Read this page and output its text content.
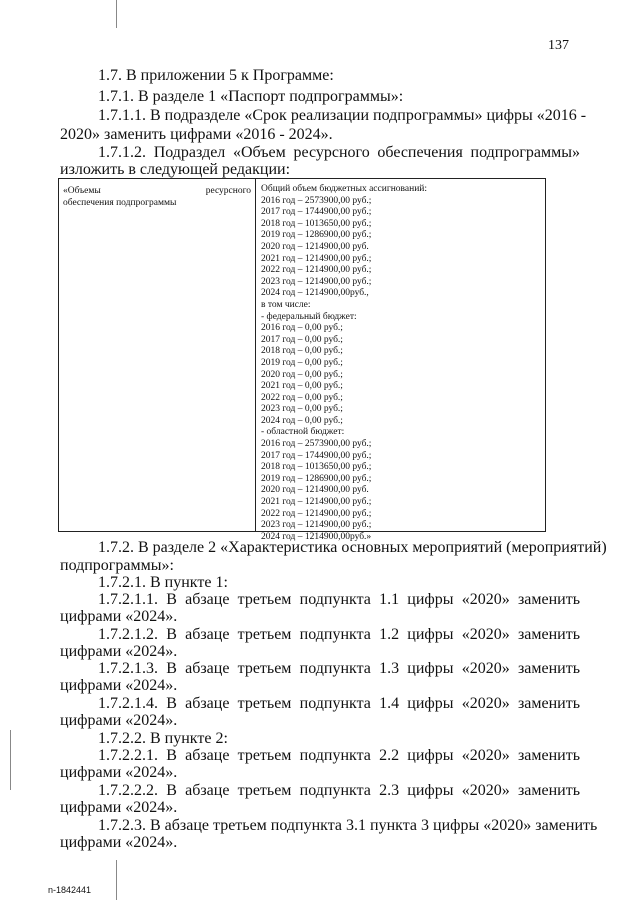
137
1.7. В приложении 5 к Программе:
1.7.1. В разделе 1 «Паспорт подпрограммы»:
1.7.1.1. В подразделе «Срок реализации подпрограммы» цифры «2016 -
2020» заменить цифрами «2016 - 2024».
1.7.1.2. Подраздел «Объем ресурсного обеспечения подпрограммы»
изложить в следующей редакции:
«Объемы	ресурсного
обеспечения подпрограммы
Общий объем бюджетных ассигнований:
2016 год – 2573900,00 руб.;
2017 год – 1744900,00 руб.;
2018 год – 1013650,00 руб.;
2019 год – 1286900,00 руб.;
2020 год – 1214900,00 руб.
2021 год – 1214900,00 руб.;
2022 год – 1214900,00 руб.;
2023 год – 1214900,00 руб.;
2024 год – 1214900,00руб.,
в том числе:
- федеральный бюджет:
2016 год – 0,00 руб.;
2017 год – 0,00 руб.;
2018 год – 0,00 руб.;
2019 год – 0,00 руб.;
2020 год – 0,00 руб.;
2021 год – 0,00 руб.;
2022 год – 0,00 руб.;
2023 год – 0,00 руб.;
2024 год – 0,00 руб.;
- областной бюджет:
2016 год – 2573900,00 руб.;
2017 год – 1744900,00 руб.;
2018 год – 1013650,00 руб.;
2019 год – 1286900,00 руб.;
2020 год – 1214900,00 руб.
2021 год – 1214900,00 руб.;
2022 год – 1214900,00 руб.;
2023 год – 1214900,00 руб.;
2024 год – 1214900,00руб.»
1.7.2. В разделе 2 «Характеристика основных мероприятий (мероприятий)
подпрограммы»:
1.7.2.1. В пункте 1:
1.7.2.1.1. В абзаце третьем подпункта 1.1 цифры «2020» заменить
цифрами «2024».
1.7.2.1.2. В абзаце третьем подпункта 1.2 цифры «2020» заменить
цифрами «2024».
1.7.2.1.3. В абзаце третьем подпункта 1.3 цифры «2020» заменить
цифрами «2024».
1.7.2.1.4. В абзаце третьем подпункта 1.4 цифры «2020» заменить
цифрами «2024».
1.7.2.2. В пункте 2:
1.7.2.2.1. В абзаце третьем подпункта 2.2 цифры «2020» заменить
цифрами «2024».
1.7.2.2.2. В абзаце третьем подпункта 2.3 цифры «2020» заменить
цифрами «2024».
1.7.2.3. В абзаце третьем подпункта 3.1 пункта 3 цифры «2020» заменить
цифрами «2024».
n-1842441
